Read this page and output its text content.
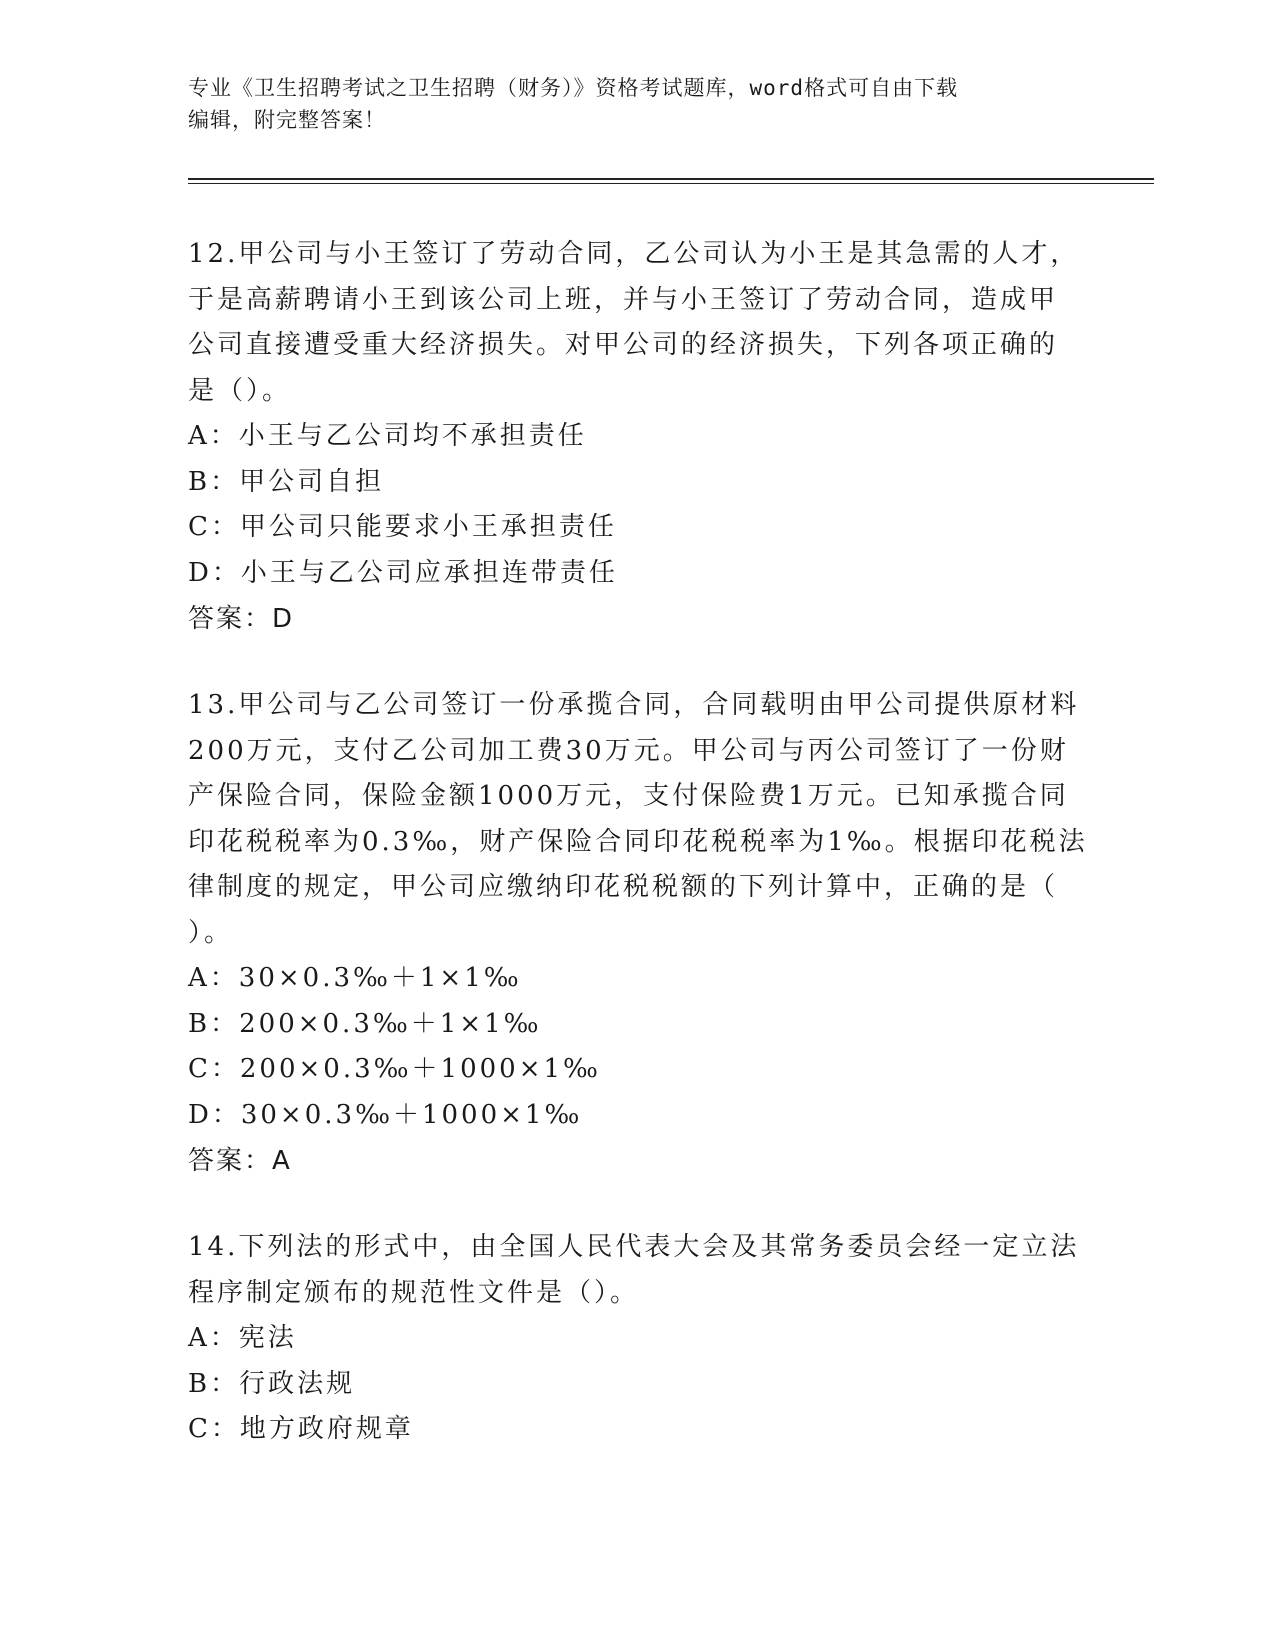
专业《卫生招聘考试之卫生招聘（财务）》资格考试题库，word格式可自由下载
编辑，附完整答案！
12.甲公司与小王签订了劳动合同，乙公司认为小王是其急需的人才，
于是高薪聘请小王到该公司上班，并与小王签订了劳动合同，造成甲
公司直接遭受重大经济损失。对甲公司的经济损失，下列各项正确的
是（）。
A：小王与乙公司均不承担责任
B：甲公司自担
C：甲公司只能要求小王承担责任
D：小王与乙公司应承担连带责任
答案：D
13.甲公司与乙公司签订一份承揽合同，合同载明由甲公司提供原材料
200万元，支付乙公司加工费30万元。甲公司与丙公司签订了一份财
产保险合同，保险金额1000万元，支付保险费1万元。已知承揽合同
印花税税率为0.3‰，财产保险合同印花税税率为1‰。根据印花税法
律制度的规定，甲公司应缴纳印花税税额的下列计算中，正确的是（
）。
A：30×0.3‰＋1×1‰
B：200×0.3‰＋1×1‰
C：200×0.3‰＋1000×1‰
D：30×0.3‰＋1000×1‰
答案：A
14.下列法的形式中，由全国人民代表大会及其常务委员会经一定立法
程序制定颁布的规范性文件是（）。
A：宪法
B：行政法规
C：地方政府规章
